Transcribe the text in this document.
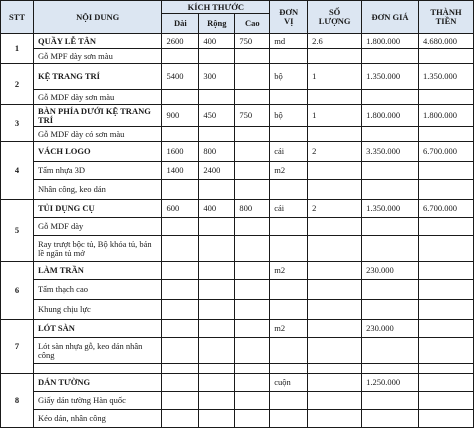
STT	NỘI DUNG	KÍCH THƯỚC			ĐƠN VỊ	SỐ LƯỢNG	ĐƠN GIÁ	THÀNH TIỀN
		Dài	Rộng	Cao				
1	QUẦY LỄ TÂN	2600	400	750	md	2.6	1.800.000	4.680.000
	Gỗ MPF dày sơn màu							
2	KỆ TRANG TRÍ	5400	300		bộ	1	1.350.000	1.350.000
	Gỗ MDF dày sơn màu							
3	BÀN PHÍA DƯỚI KỆ TRANG TRÍ	900	450	750	bộ	1	1.800.000	1.800.000
	Gỗ MDF dày có sơn màu							
4	VÁCH LOGO	1600	800		cái	2	3.350.000	6.700.000
	Tấm nhựa 3D	1400	2400		m2			
	Nhân công, keo dán							
5	TỦI DỤNG CỤ	600	400	800	cái	2	1.350.000	6.700.000
	Gỗ MDF dày							
	Ray trượt bộc tủ, Bộ khóa tủ, bản lề ngăn tủ mở							
6	LÀM TRẦN				m2		230.000	
	Tấm thạch cao							
	Khung chịu lực							
7	LÓT SÀN				m2		230.000	
	Lót sàn nhựa gỗ, keo dán nhân công							

8	DÁN TƯỜNG				cuộn		1.250.000	
	Giấy dán tường Hàn quốc							
	Kéo dán, nhân công							
